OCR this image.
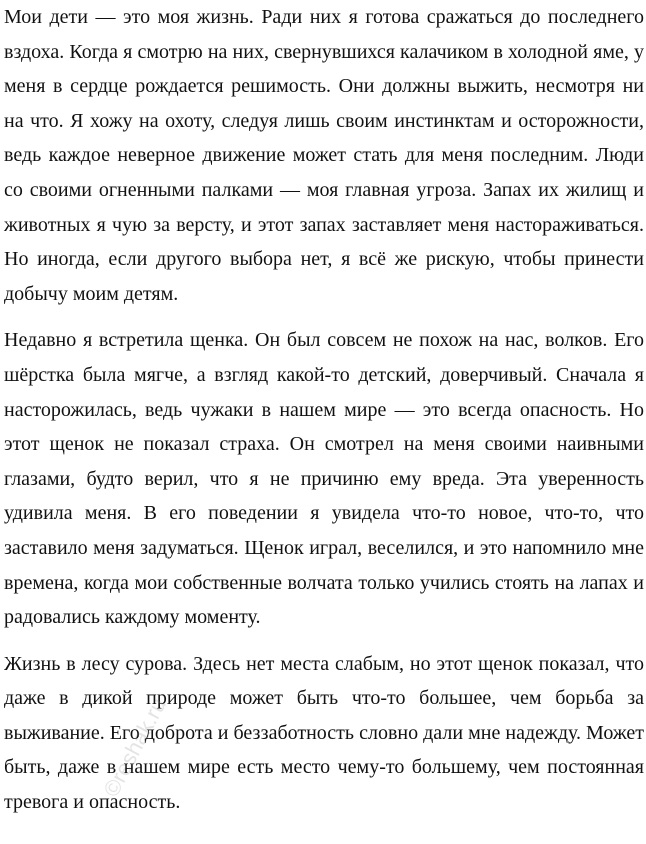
Мои дети — это моя жизнь. Ради них я готова сражаться до последнего вздоха. Когда я смотрю на них, свернувшихся калачиком в холодной яме, у меня в сердце рождается решимость. Они должны выжить, несмотря ни на что. Я хожу на охоту, следуя лишь своим инстинктам и осторожности, ведь каждое неверное движение может стать для меня последним. Люди со своими огненными палками — моя главная угроза. Запах их жилищ и животных я чую за версту, и этот запах заставляет меня настораживаться. Но иногда, если другого выбора нет, я всё же рискую, чтобы принести добычу моим детям.

Недавно я встретила щенка. Он был совсем не похож на нас, волков. Его шёрстка была мягче, а взгляд какой-то детский, доверчивый. Сначала я насторожилась, ведь чужаки в нашем мире — это всегда опасность. Но этот щенок не показал страха. Он смотрел на меня своими наивными глазами, будто верил, что я не причиню ему вреда. Эта уверенность удивила меня. В его поведении я увидела что-то новое, что-то, что заставило меня задуматься. Щенок играл, веселился, и это напомнило мне времена, когда мои собственные волчата только учились стоять на лапах и радовались каждому моменту.

Жизнь в лесу сурова. Здесь нет места слабым, но этот щенок показал, что даже в дикой природе может быть что-то большее, чем борьба за выживание. Его доброта и беззаботность словно дали мне надежду. Может быть, даже в нашем мире есть место чему-то большему, чем постоянная тревога и опасность.

©reshak.ru
